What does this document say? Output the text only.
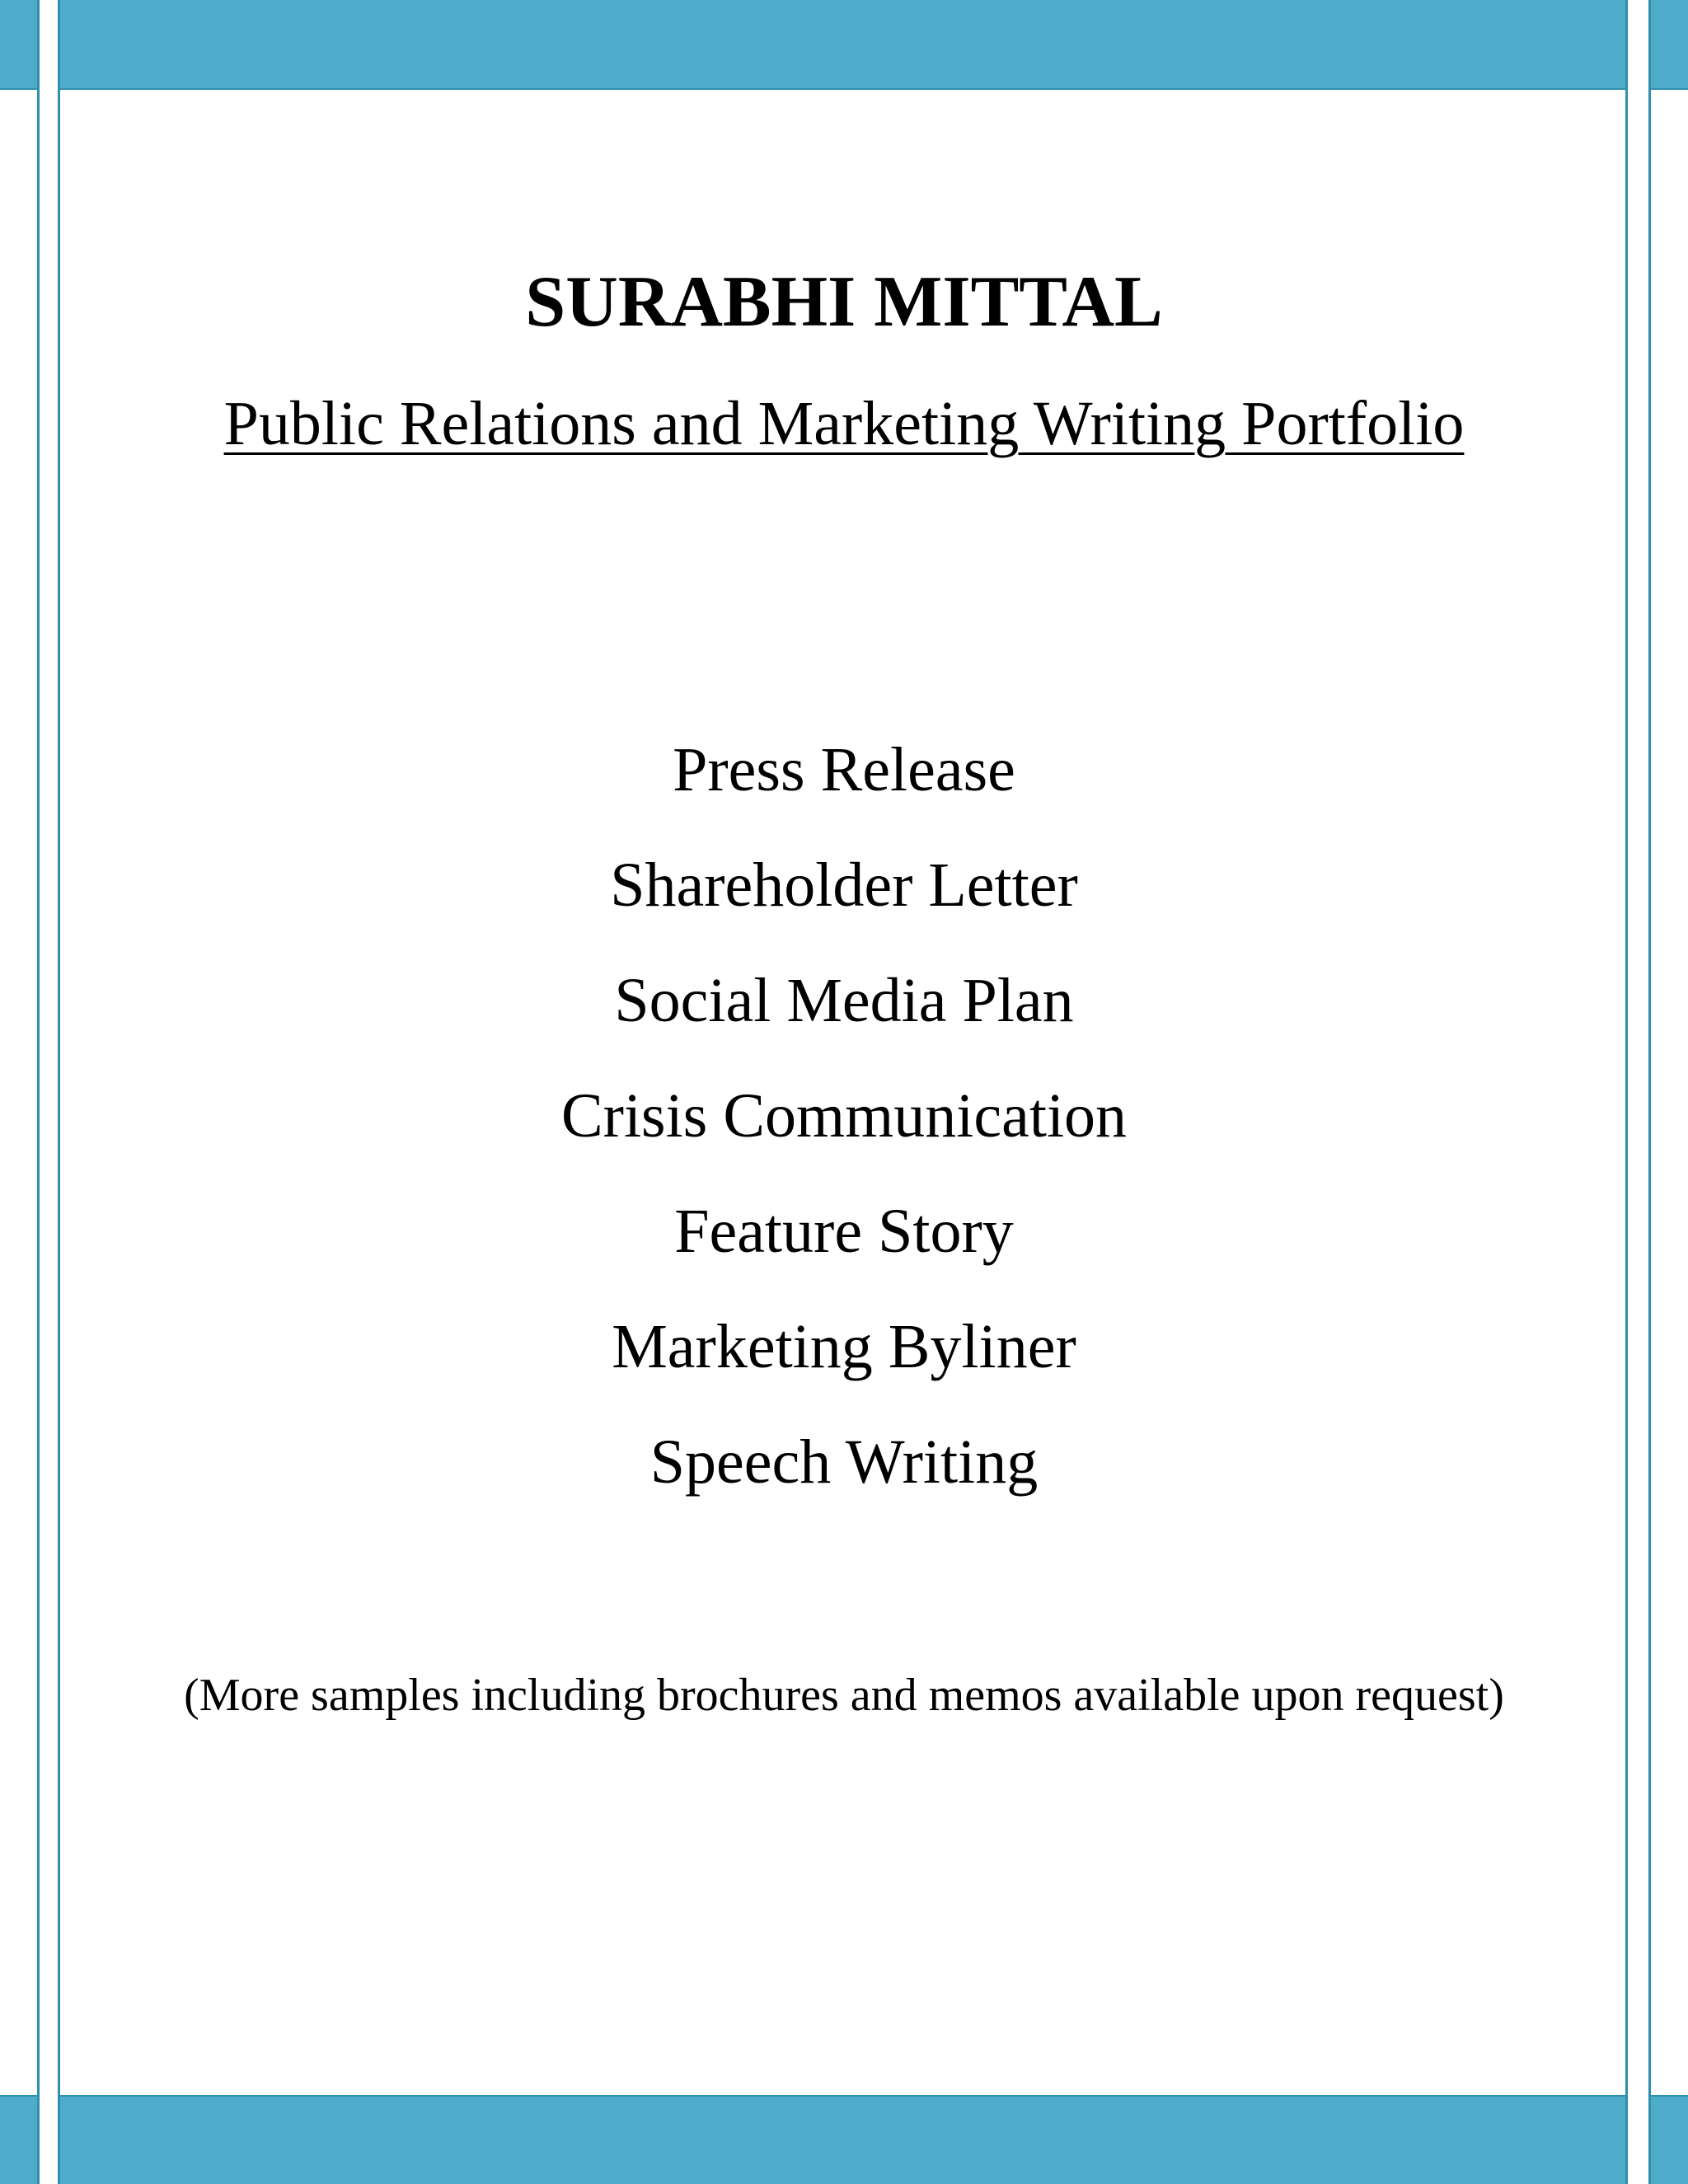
SURABHI MITTAL

Public Relations and Marketing Writing Portfolio

Press Release
Shareholder Letter
Social Media Plan
Crisis Communication
Feature Story
Marketing Byliner
Speech Writing

(More samples including brochures and memos available upon request)
